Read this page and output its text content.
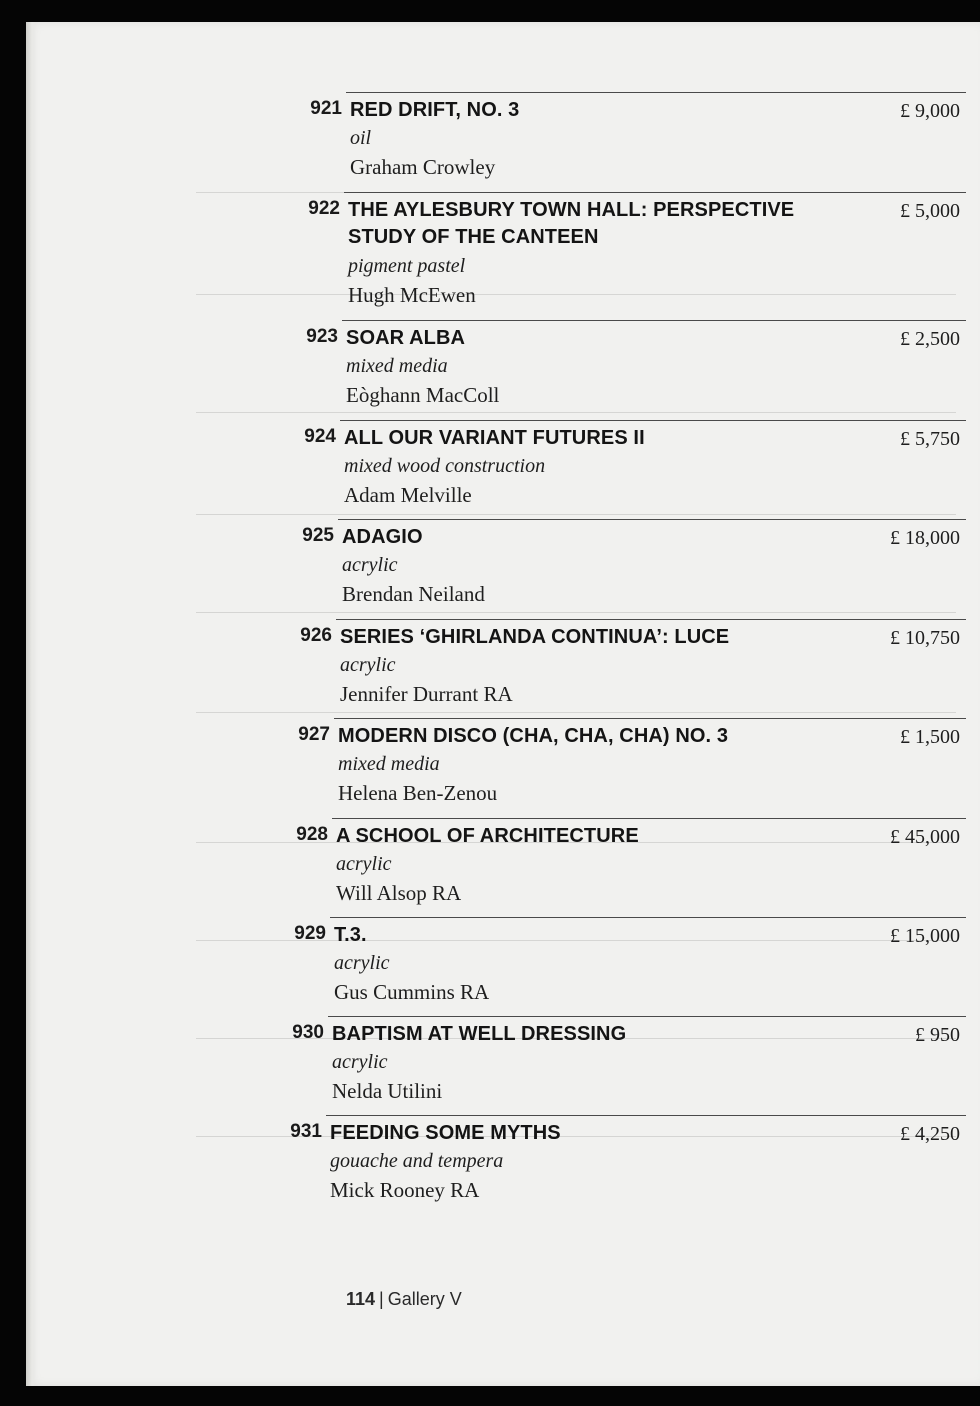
921 RED DRIFT, NO. 3
oil
Graham Crowley
£ 9,000
922 THE AYLESBURY TOWN HALL: PERSPECTIVE STUDY OF THE CANTEEN
pigment pastel
Hugh McEwen
£ 5,000
923 SOAR ALBA
mixed media
Eòghann MacColl
£ 2,500
924 ALL OUR VARIANT FUTURES II
mixed wood construction
Adam Melville
£ 5,750
925 ADAGIO
acrylic
Brendan Neiland
£ 18,000
926 SERIES ‘GHIRLANDA CONTINUA’: LUCE
acrylic
Jennifer Durrant RA
£ 10,750
927 MODERN DISCO (CHA, CHA, CHA) NO. 3
mixed media
Helena Ben-Zenou
£ 1,500
928 A SCHOOL OF ARCHITECTURE
acrylic
Will Alsop RA
£ 45,000
929 T.3.
acrylic
Gus Cummins RA
£ 15,000
930 BAPTISM AT WELL DRESSING
acrylic
Nelda Utilini
£ 950
931 FEEDING SOME MYTHS
gouache and tempera
Mick Rooney RA
£ 4,250
114 | Gallery V
